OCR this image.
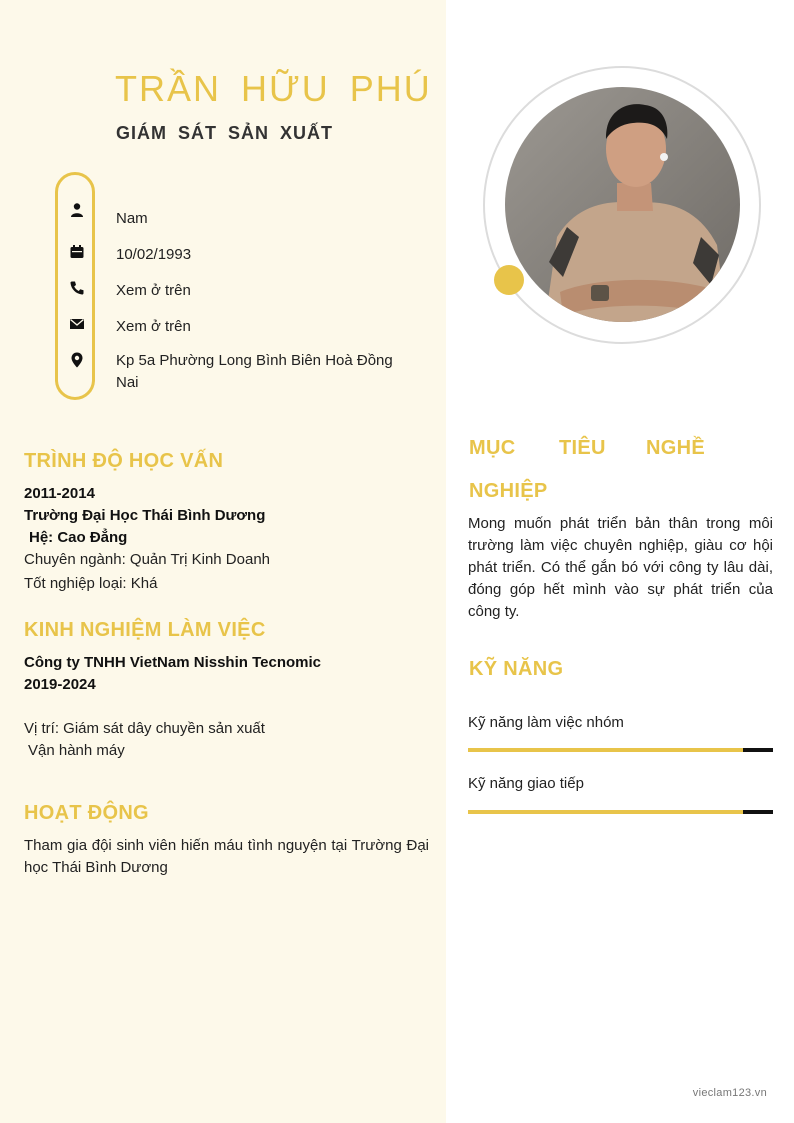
TRẦN HỮU PHÚ
GIÁM SÁT SẢN XUẤT
Nam
10/02/1993
Xem ở trên
Xem ở trên
Kp 5a Phường Long Bình Biên Hoà Đồng Nai
TRÌNH ĐỘ HỌC VẤN
2011-2014
Trường Đại Học Thái Bình Dương
Hệ: Cao Đẳng
Chuyên ngành: Quản Trị Kinh Doanh
Tốt nghiệp loại: Khá
KINH NGHIỆM LÀM VIỆC
Công ty TNHH VietNam Nisshin Tecnomic
2019-2024
Vị trí: Giám sát dây chuyền sản xuất
Vận hành máy
HOẠT ĐỘNG
Tham gia đội sinh viên hiến máu tình nguyện tại Trường Đại học Thái Bình Dương
MỤC TIÊU NGHỀ
NGHIỆP
Mong muốn phát triển bản thân trong môi trường làm việc chuyên nghiệp, giàu cơ hội phát triển. Có thể gắn bó với công ty lâu dài, đóng góp hết mình vào sự phát triển của công ty.
KỸ NĂNG
Kỹ năng làm việc nhóm
Kỹ năng giao tiếp
vieclam123.vn
